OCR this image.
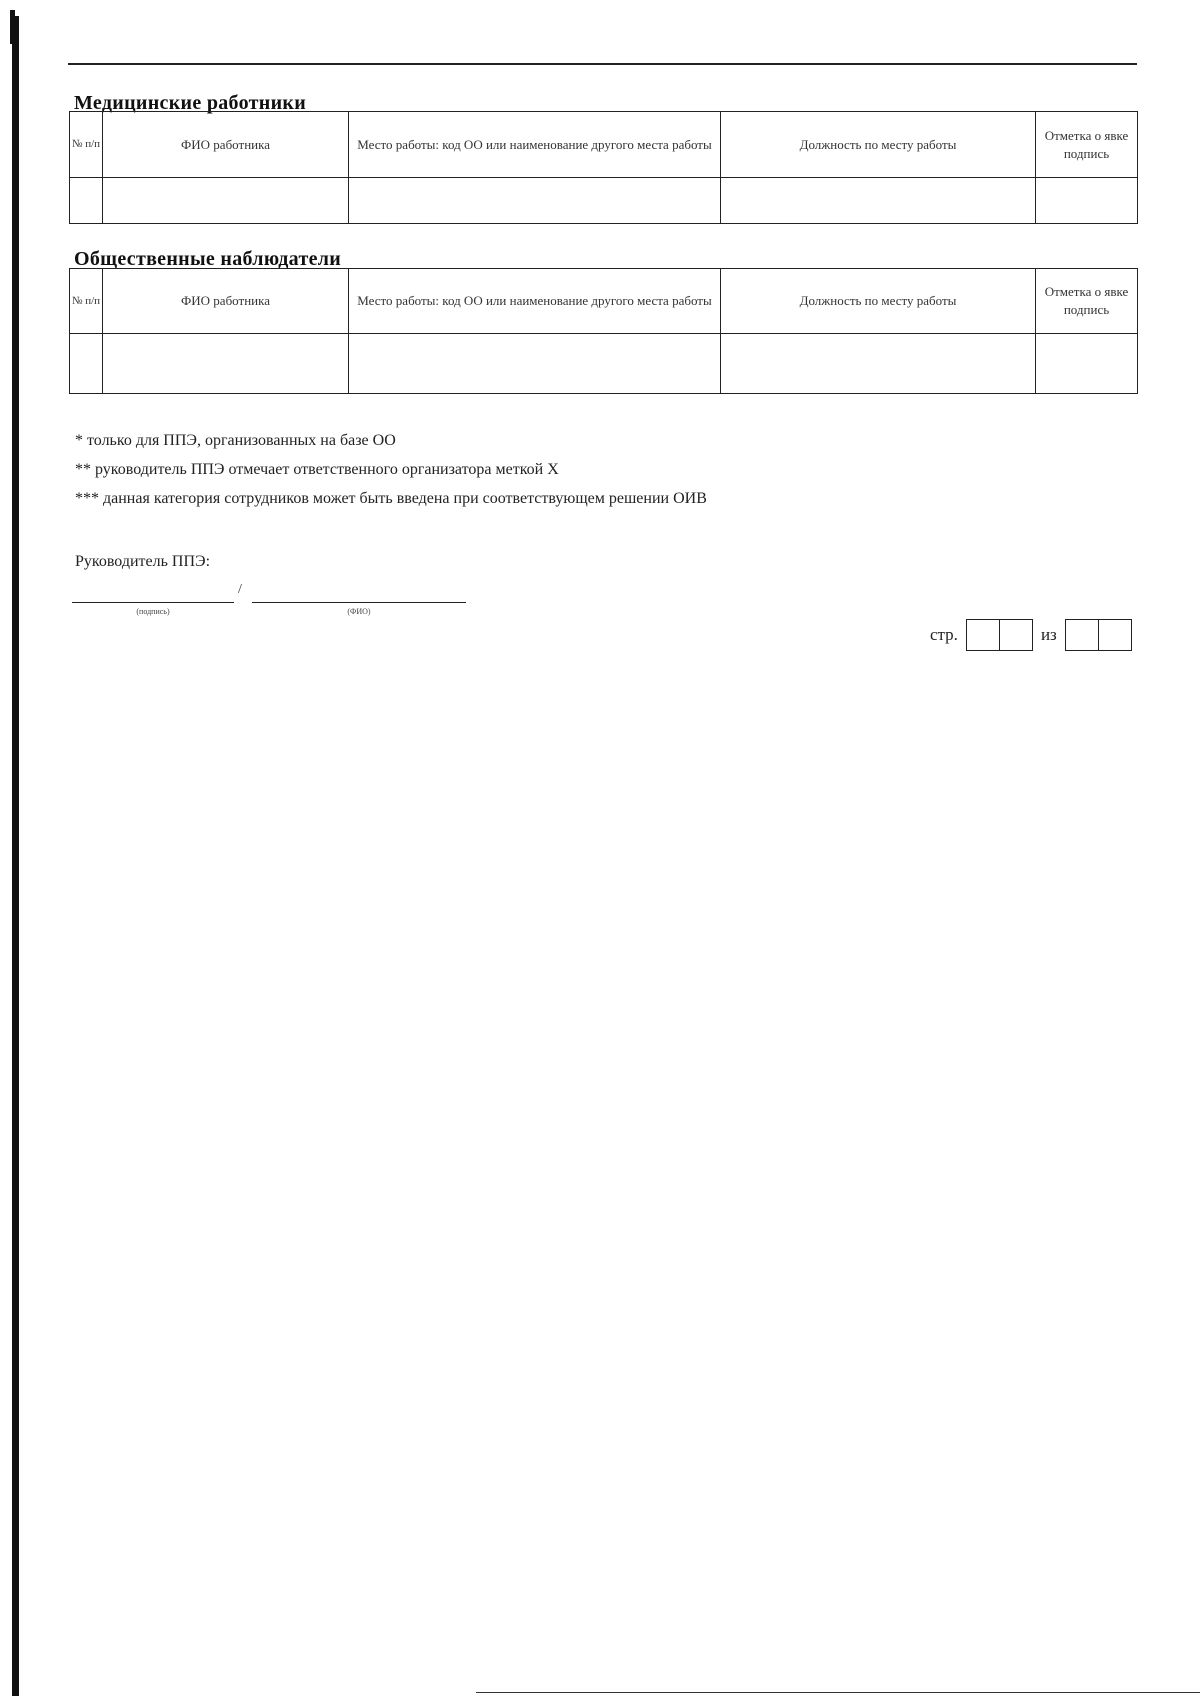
Медицинские работники
№ п/п	ФИО работника	Место работы: код ОО или наименование другого места работы	Должность по месту работы	Отметка о явке подпись

Общественные наблюдатели
№ п/п	ФИО работника	Место работы: код ОО или наименование другого места работы	Должность по месту работы	Отметка о явке подпись

* только для ППЭ, организованных на базе ОО

** руководитель ППЭ отмечает ответственного организатора меткой Х

*** данная категория сотрудников может быть введена при соответствующем решении ОИВ

Руководитель ППЭ:
/
(подпись)	(ФИО)
стр.	из
